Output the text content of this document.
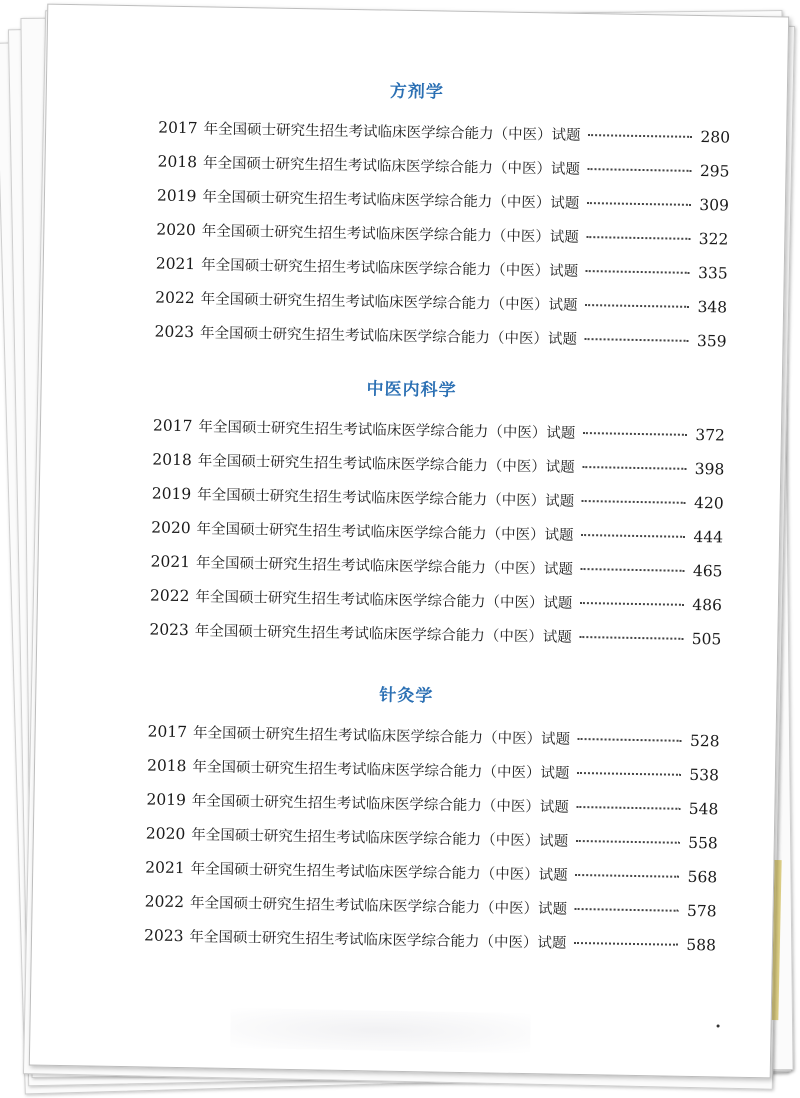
方剂学
2017 年全国硕士研究生招生考试临床医学综合能力（中医）试题	280
2018 年全国硕士研究生招生考试临床医学综合能力（中医）试题	295
2019 年全国硕士研究生招生考试临床医学综合能力（中医）试题	309
2020 年全国硕士研究生招生考试临床医学综合能力（中医）试题	322
2021 年全国硕士研究生招生考试临床医学综合能力（中医）试题	335
2022 年全国硕士研究生招生考试临床医学综合能力（中医）试题	348
2023 年全国硕士研究生招生考试临床医学综合能力（中医）试题	359
中医内科学
2017 年全国硕士研究生招生考试临床医学综合能力（中医）试题	372
2018 年全国硕士研究生招生考试临床医学综合能力（中医）试题	398
2019 年全国硕士研究生招生考试临床医学综合能力（中医）试题	420
2020 年全国硕士研究生招生考试临床医学综合能力（中医）试题	444
2021 年全国硕士研究生招生考试临床医学综合能力（中医）试题	465
2022 年全国硕士研究生招生考试临床医学综合能力（中医）试题	486
2023 年全国硕士研究生招生考试临床医学综合能力（中医）试题	505
针灸学
2017 年全国硕士研究生招生考试临床医学综合能力（中医）试题	528
2018 年全国硕士研究生招生考试临床医学综合能力（中医）试题	538
2019 年全国硕士研究生招生考试临床医学综合能力（中医）试题	548
2020 年全国硕士研究生招生考试临床医学综合能力（中医）试题	558
2021 年全国硕士研究生招生考试临床医学综合能力（中医）试题	568
2022 年全国硕士研究生招生考试临床医学综合能力（中医）试题	578
2023 年全国硕士研究生招生考试临床医学综合能力（中医）试题	588
